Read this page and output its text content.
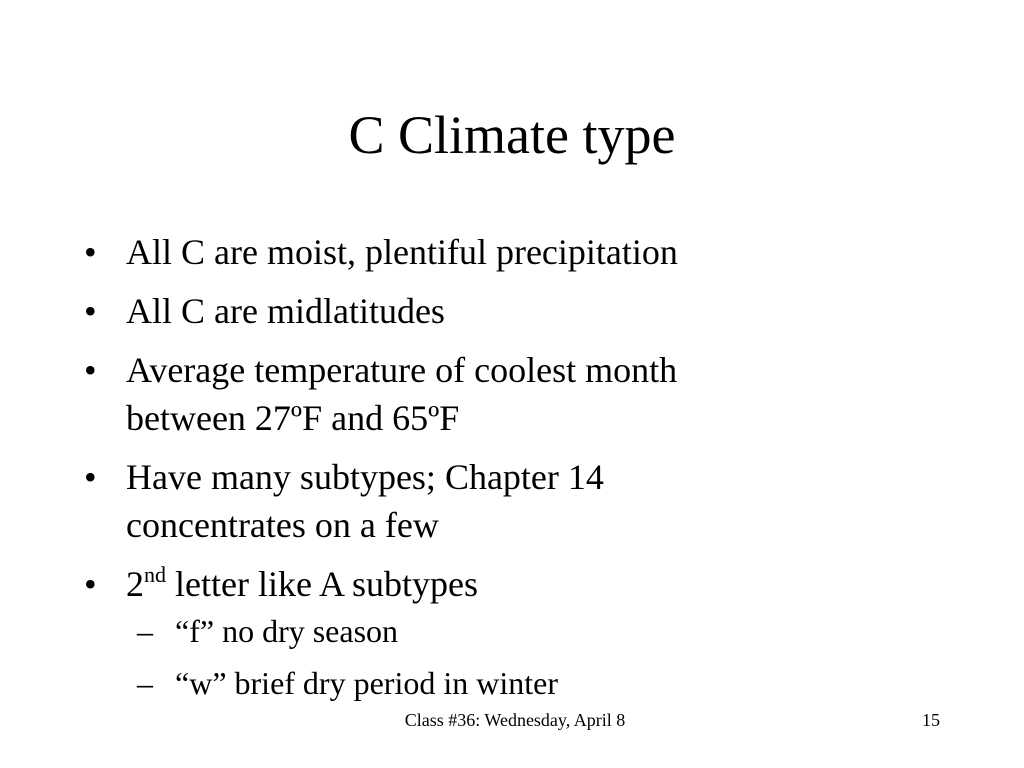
C Climate type
• All C are moist, plentiful precipitation
• All C are midlatitudes
• Average temperature of coolest month
between 27ºF and 65ºF
• Have many subtypes; Chapter 14
concentrates on a few
• 2nd letter like A subtypes
– “f” no dry season
– “w” brief dry period in winter
Class #36: Wednesday, April 8	15
